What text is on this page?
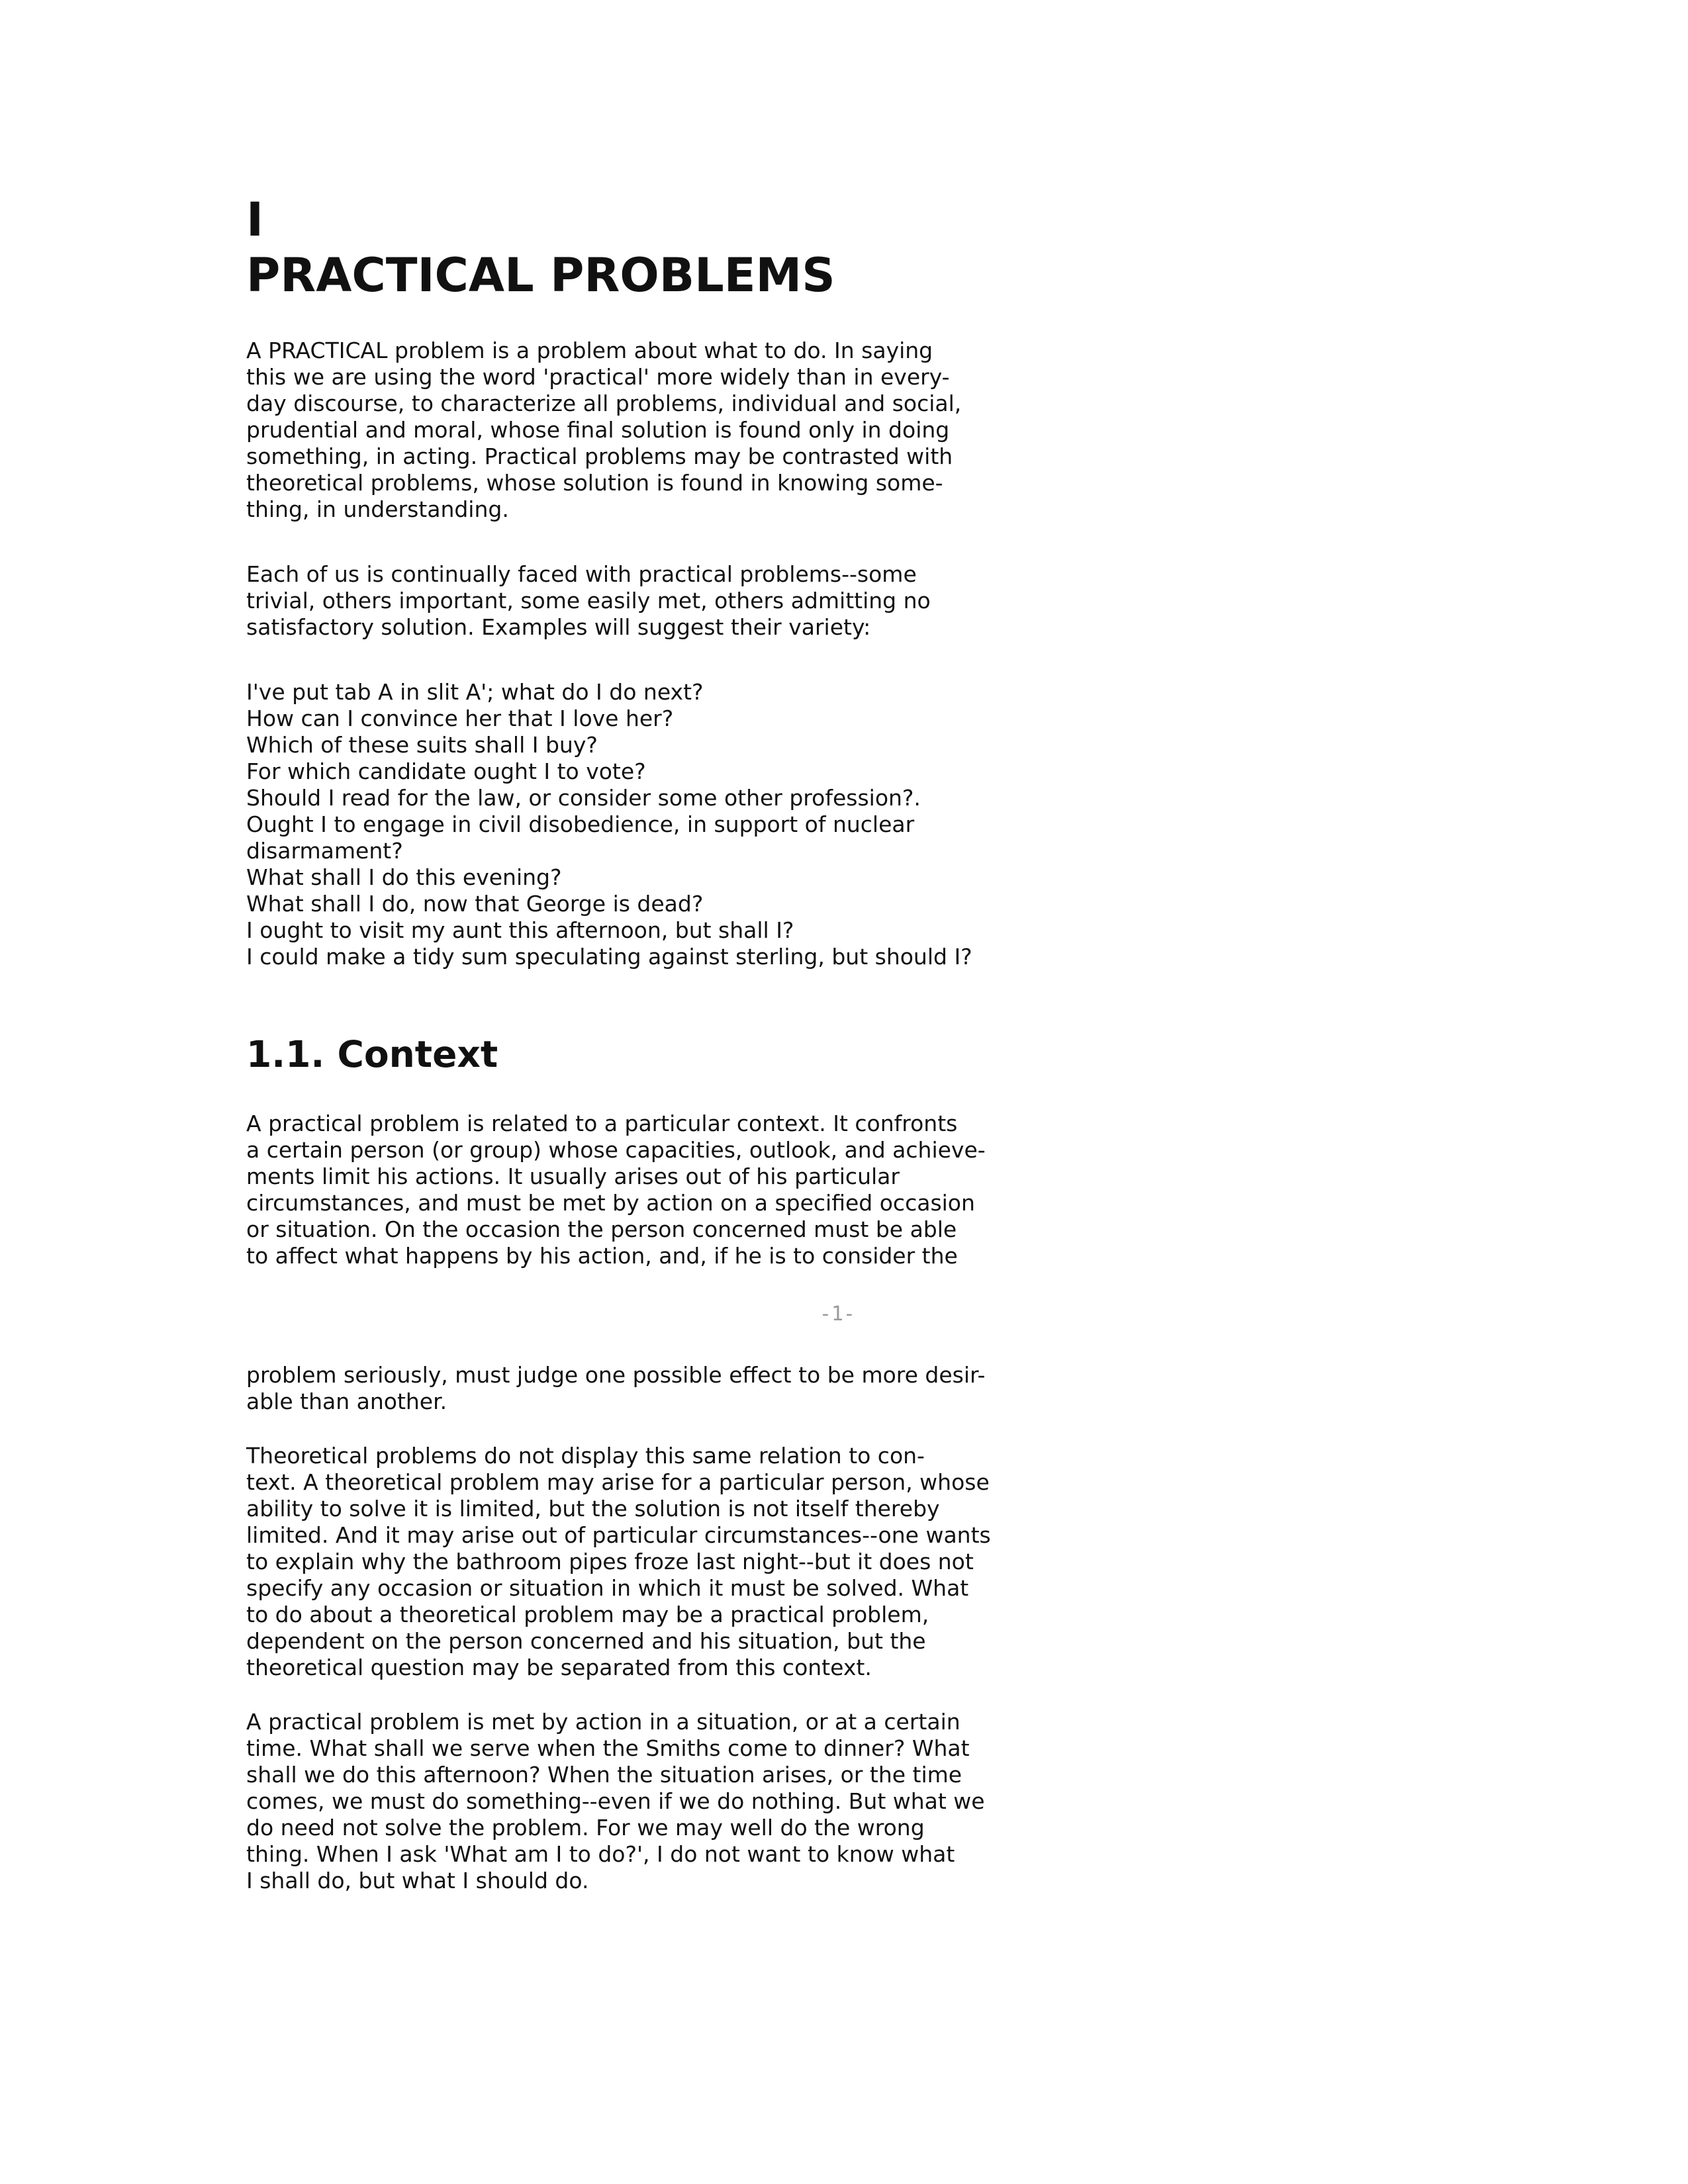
I
PRACTICAL PROBLEMS

A PRACTICAL problem is a problem about what to do. In saying
this we are using the word 'practical' more widely than in every-
day discourse, to characterize all problems, individual and social,
prudential and moral, whose final solution is found only in doing
something, in acting. Practical problems may be contrasted with
theoretical problems, whose solution is found in knowing some-
thing, in understanding.

Each of us is continually faced with practical problems--some
trivial, others important, some easily met, others admitting no
satisfactory solution. Examples will suggest their variety:

I've put tab A in slit A'; what do I do next?
How can I convince her that I love her?
Which of these suits shall I buy?
For which candidate ought I to vote?
Should I read for the law, or consider some other profession?.
Ought I to engage in civil disobedience, in support of nuclear
disarmament?
What shall I do this evening?
What shall I do, now that George is dead?
I ought to visit my aunt this afternoon, but shall I?
I could make a tidy sum speculating against sterling, but should I?
1.1. Context

A practical problem is related to a particular context. It confronts
a certain person (or group) whose capacities, outlook, and achieve-
ments limit his actions. It usually arises out of his particular
circumstances, and must be met by action on a specified occasion
or situation. On the occasion the person concerned must be able
to affect what happens by his action, and, if he is to consider the

-1-

problem seriously, must judge one possible effect to be more desir-
able than another.

Theoretical problems do not display this same relation to con-
text. A theoretical problem may arise for a particular person, whose
ability to solve it is limited, but the solution is not itself thereby
limited. And it may arise out of particular circumstances--one wants
to explain why the bathroom pipes froze last night--but it does not
specify any occasion or situation in which it must be solved. What
to do about a theoretical problem may be a practical problem,
dependent on the person concerned and his situation, but the
theoretical question may be separated from this context.

A practical problem is met by action in a situation, or at a certain
time. What shall we serve when the Smiths come to dinner? What
shall we do this afternoon? When the situation arises, or the time
comes, we must do something--even if we do nothing. But what we
do need not solve the problem. For we may well do the wrong
thing. When I ask 'What am I to do?', I do not want to know what
I shall do, but what I should do.
